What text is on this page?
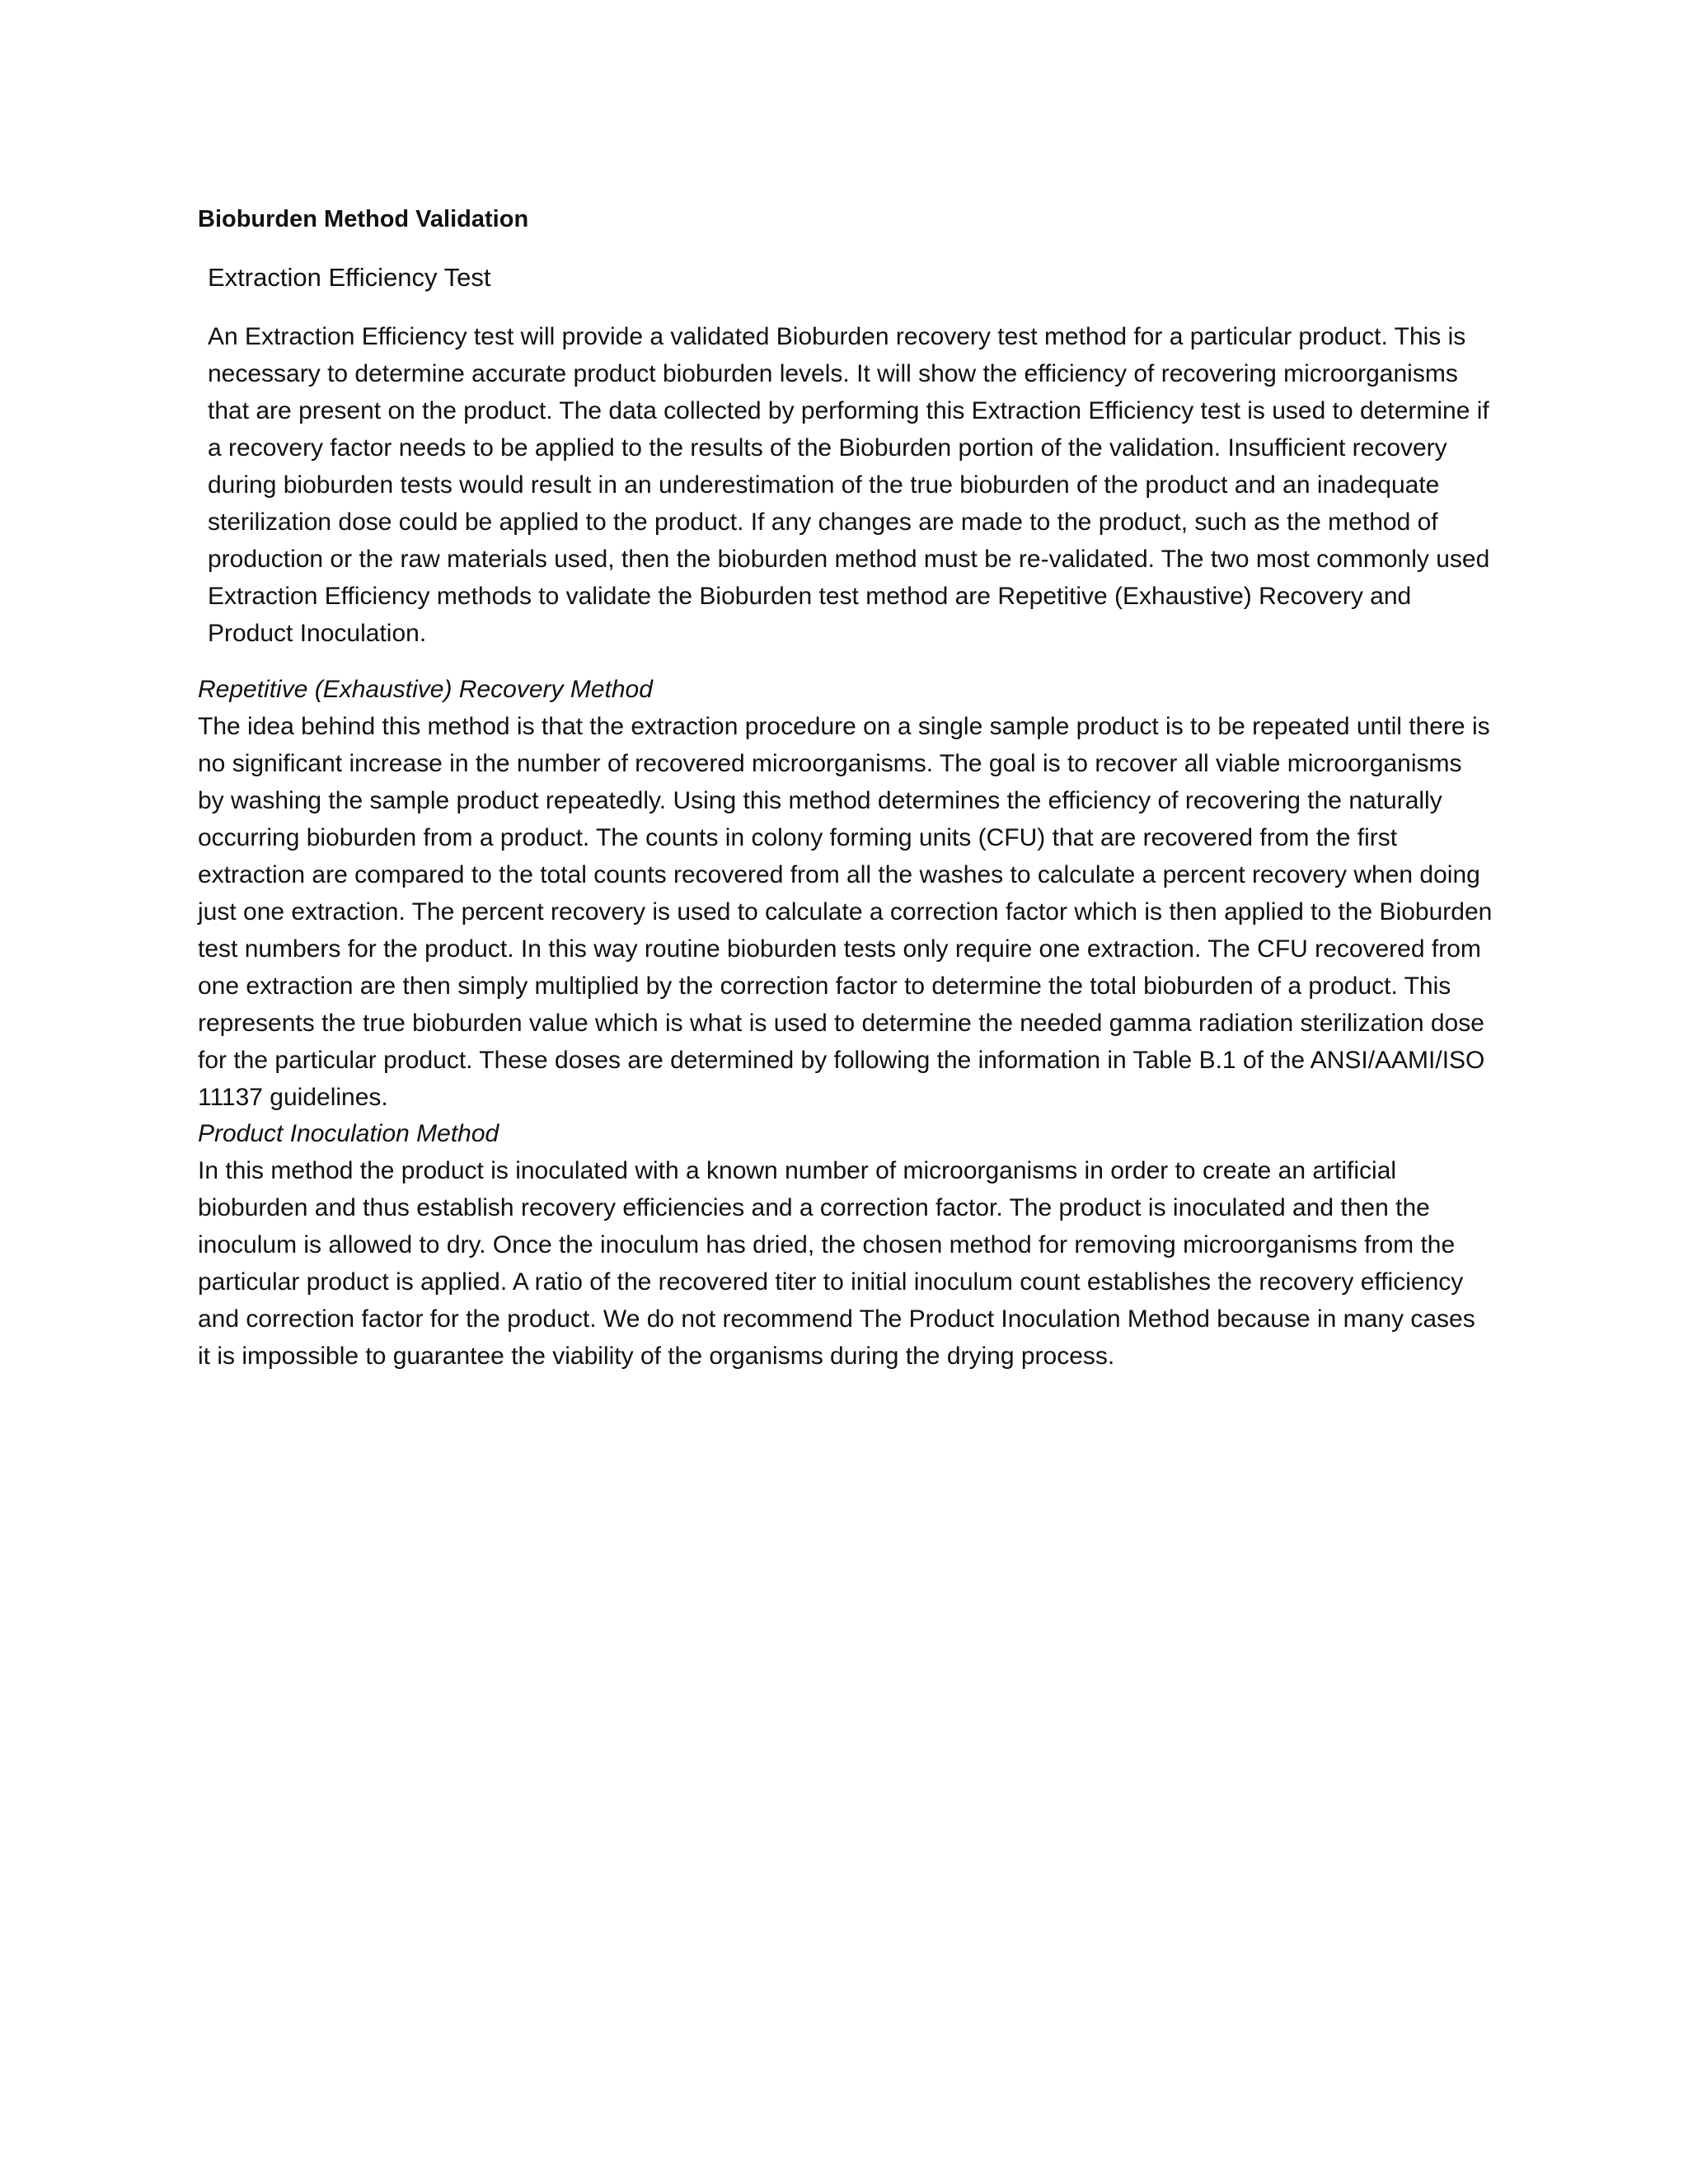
Bioburden Method Validation
Extraction Efficiency Test

An Extraction Efficiency test will provide a validated Bioburden recovery test method for a particular product. This is necessary to determine accurate product bioburden levels. It will show the efficiency of recovering microorganisms that are present on the product. The data collected by performing this Extraction Efficiency test is used to determine if a recovery factor needs to be applied to the results of the Bioburden portion of the validation. Insufficient recovery during bioburden tests would result in an underestimation of the true bioburden of the product and an inadequate sterilization dose could be applied to the product. If any changes are made to the product, such as the method of production or the raw materials used, then the bioburden method must be re-validated. The two most commonly used Extraction Efficiency methods to validate the Bioburden test method are Repetitive (Exhaustive) Recovery and Product Inoculation.

Repetitive (Exhaustive) Recovery Method

The idea behind this method is that the extraction procedure on a single sample product is to be repeated until there is no significant increase in the number of recovered microorganisms. The goal is to recover all viable microorganisms by washing the sample product repeatedly. Using this method determines the efficiency of recovering the naturally occurring bioburden from a product. The counts in colony forming units (CFU) that are recovered from the first extraction are compared to the total counts recovered from all the washes to calculate a percent recovery when doing just one extraction. The percent recovery is used to calculate a correction factor which is then applied to the Bioburden test numbers for the product. In this way routine bioburden tests only require one extraction. The CFU recovered from one extraction are then simply multiplied by the correction factor to determine the total bioburden of a product. This represents the true bioburden value which is what is used to determine the needed gamma radiation sterilization dose for the particular product. These doses are determined by following the information in Table B.1 of the ANSI/AAMI/ISO 11137 guidelines.

Product Inoculation Method

In this method the product is inoculated with a known number of microorganisms in order to create an artificial bioburden and thus establish recovery efficiencies and a correction factor. The product is inoculated and then the inoculum is allowed to dry. Once the inoculum has dried, the chosen method for removing microorganisms from the particular product is applied. A ratio of the recovered titer to initial inoculum count establishes the recovery efficiency and correction factor for the product. We do not recommend The Product Inoculation Method because in many cases it is impossible to guarantee the viability of the organisms during the drying process.
